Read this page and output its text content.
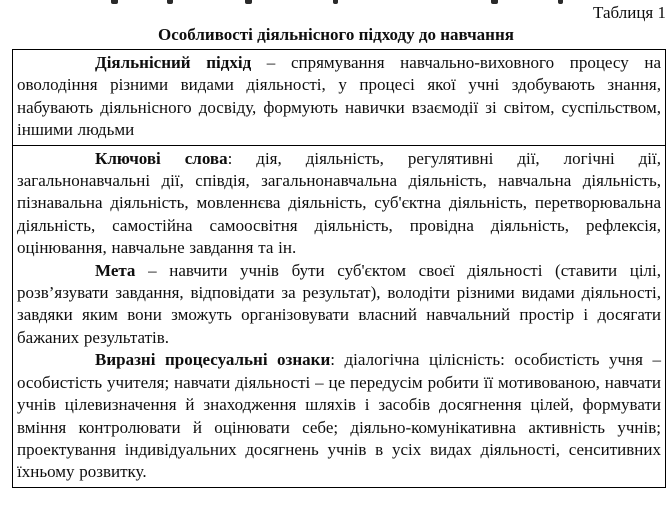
Таблиця 1
Особливості діяльнісного підходу до навчання

Діяльнісний підхід – спрямування навчально-виховного процесу на оволодіння різними видами діяльності, у процесі якої учні здобувають знання, набувають діяльнісного досвіду, формують навички взаємодії зі світом, суспільством, іншими людьми

Ключові слова: дія, діяльність, регулятивні дії, логічні дії, загальнонавчальні дії, співдія, загальнонавчальна діяльність, навчальна діяльність, пізнавальна діяльність, мовленнєва діяльність, суб'єктна діяльність, перетворювальна діяльність, самостійна самоосвітня діяльність, провідна діяльність, рефлексія, оцінювання, навчальне завдання та ін.

Мета – навчити учнів бути суб'єктом своєї діяльності (ставити цілі, розв’язувати завдання, відповідати за результат), володіти різними видами діяльності, завдяки яким вони зможуть організовувати власний навчальний простір і досягати бажаних результатів.

Виразні процесуальні ознаки: діалогічна цілісність: особистість учня – особистість учителя; навчати діяльності – це передусім робити її мотивованою, навчати учнів цілевизначення й знаходження шляхів і засобів досягнення цілей, формувати вміння контролювати й оцінювати себе; діяльно-комунікативна активність учнів; проектування індивідуальних досягнень учнів в усіх видах діяльності, сенситивних їхньому розвитку.
